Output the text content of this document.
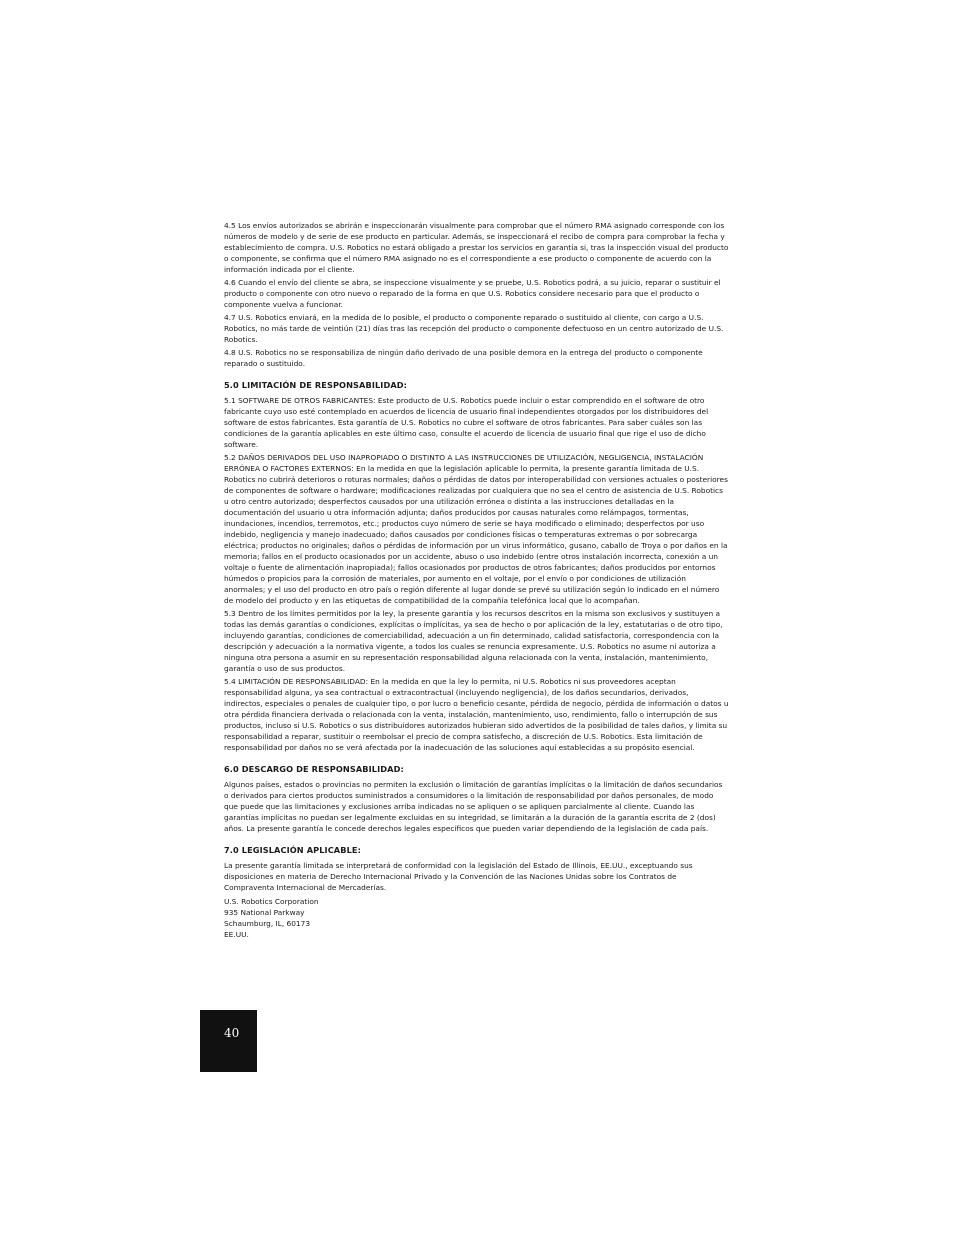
4.5 Los envíos autorizados se abrirán e inspeccionarán visualmente para comprobar que el número RMA asignado corresponde con los números de modelo y de serie de ese producto en particular. Además, se inspeccionará el recibo de compra para comprobar la fecha y establecimiento de compra. U.S. Robotics no estará obligado a prestar los servicios en garantía si, tras la inspección visual del producto o componente, se confirma que el número RMA asignado no es el correspondiente a ese producto o componente de acuerdo con la información indicada por el cliente.

4.6 Cuando el envío del cliente se abra, se inspeccione visualmente y se pruebe, U.S. Robotics podrá, a su juicio, reparar o sustituir el producto o componente con otro nuevo o reparado de la forma en que U.S. Robotics considere necesario para que el producto o componente vuelva a funcionar.

4.7 U.S. Robotics enviará, en la medida de lo posible, el producto o componente reparado o sustituido al cliente, con cargo a U.S. Robotics, no más tarde de veintiún (21) días tras las recepción del producto o componente defectuoso en un centro autorizado de U.S. Robotics.

4.8 U.S. Robotics no se responsabiliza de ningún daño derivado de una posible demora en la entrega del producto o componente reparado o sustituido.

5.0 LIMITACIÓN DE RESPONSABILIDAD:

5.1 SOFTWARE DE OTROS FABRICANTES: Este producto de U.S. Robotics puede incluir o estar comprendido en el software de otro fabricante cuyo uso esté contemplado en acuerdos de licencia de usuario final independientes otorgados por los distribuidores del software de estos fabricantes. Esta garantía de U.S. Robotics no cubre el software de otros fabricantes. Para saber cuáles son las condiciones de la garantía aplicables en este último caso, consulte el acuerdo de licencia de usuario final que rige el uso de dicho software.

5.2 DAÑOS DERIVADOS DEL USO INAPROPIADO O DISTINTO A LAS INSTRUCCIONES DE UTILIZACIÓN, NEGLIGENCIA, INSTALACIÓN ERRÓNEA O FACTORES EXTERNOS: En la medida en que la legislación aplicable lo permita, la presente garantía limitada de U.S. Robotics no cubrirá deterioros o roturas normales; daños o pérdidas de datos por interoperabilidad con versiones actuales o posteriores de componentes de software o hardware; modificaciones realizadas por cualquiera que no sea el centro de asistencia de U.S. Robotics u otro centro autorizado; desperfectos causados por una utilización errónea o distinta a las instrucciones detalladas en la documentación del usuario u otra información adjunta; daños producidos por causas naturales como relámpagos, tormentas, inundaciones, incendios, terremotos, etc.; productos cuyo número de serie se haya modificado o eliminado; desperfectos por uso indebido, negligencia y manejo inadecuado; daños causados por condiciones físicas o temperaturas extremas o por sobrecarga eléctrica; productos no originales; daños o pérdidas de información por un virus informático, gusano, caballo de Troya o por daños en la memoria; fallos en el producto ocasionados por un accidente, abuso o uso indebido (entre otros instalación incorrecta, conexión a un voltaje o fuente de alimentación inapropiada); fallos ocasionados por productos de otros fabricantes; daños producidos por entornos húmedos o propicios para la corrosión de materiales, por aumento en el voltaje, por el envío o por condiciones de utilización anormales; y el uso del producto en otro país o región diferente al lugar donde se prevé su utilización según lo indicado en el número de modelo del producto y en las etiquetas de compatibilidad de la compañía telefónica local que lo acompañan.

5.3 Dentro de los límites permitidos por la ley, la presente garantía y los recursos descritos en la misma son exclusivos y sustituyen a todas las demás garantías o condiciones, explícitas o implícitas, ya sea de hecho o por aplicación de la ley, estatutarias o de otro tipo, incluyendo garantías, condiciones de comerciabilidad, adecuación a un fin determinado, calidad satisfactoria, correspondencia con la descripción y adecuación a la normativa vigente, a todos los cuales se renuncia expresamente. U.S. Robotics no asume ni autoriza a ninguna otra persona a asumir en su representación responsabilidad alguna relacionada con la venta, instalación, mantenimiento, garantía o uso de sus productos.

5.4 LIMITACIÓN DE RESPONSABILIDAD: En la medida en que la ley lo permita, ni U.S. Robotics ni sus proveedores aceptan responsabilidad alguna, ya sea contractual o extracontractual (incluyendo negligencia), de los daños secundarios, derivados, indirectos, especiales o penales de cualquier tipo, o por lucro o beneficio cesante, pérdida de negocio, pérdida de información o datos u otra pérdida financiera derivada o relacionada con la venta, instalación, mantenimiento, uso, rendimiento, fallo o interrupción de sus productos, incluso si U.S. Robotics o sus distribuidores autorizados hubieran sido advertidos de la posibilidad de tales daños, y limita su responsabilidad a reparar, sustituir o reembolsar el precio de compra satisfecho, a discreción de U.S. Robotics. Esta limitación de responsabilidad por daños no se verá afectada por la inadecuación de las soluciones aquí establecidas a su propósito esencial.

6.0 DESCARGO DE RESPONSABILIDAD:

Algunos países, estados o provincias no permiten la exclusión o limitación de garantías implícitas o la limitación de daños secundarios o derivados para ciertos productos suministrados a consumidores o la limitación de responsabilidad por daños personales, de modo que puede que las limitaciones y exclusiones arriba indicadas no se apliquen o se apliquen parcialmente al cliente. Cuando las garantías implícitas no puedan ser legalmente excluidas en su integridad, se limitarán a la duración de la garantía escrita de 2 (dos) años. La presente garantía le concede derechos legales específicos que pueden variar dependiendo de la legislación de cada país.

7.0 LEGISLACIÓN APLICABLE:

La presente garantía limitada se interpretará de conformidad con la legislación del Estado de Illinois, EE.UU., exceptuando sus disposiciones en materia de Derecho Internacional Privado y la Convención de las Naciones Unidas sobre los Contratos de Compraventa Internacional de Mercaderías.

U.S. Robotics Corporation
935 National Parkway
Schaumburg, IL, 60173
EE.UU.
40
